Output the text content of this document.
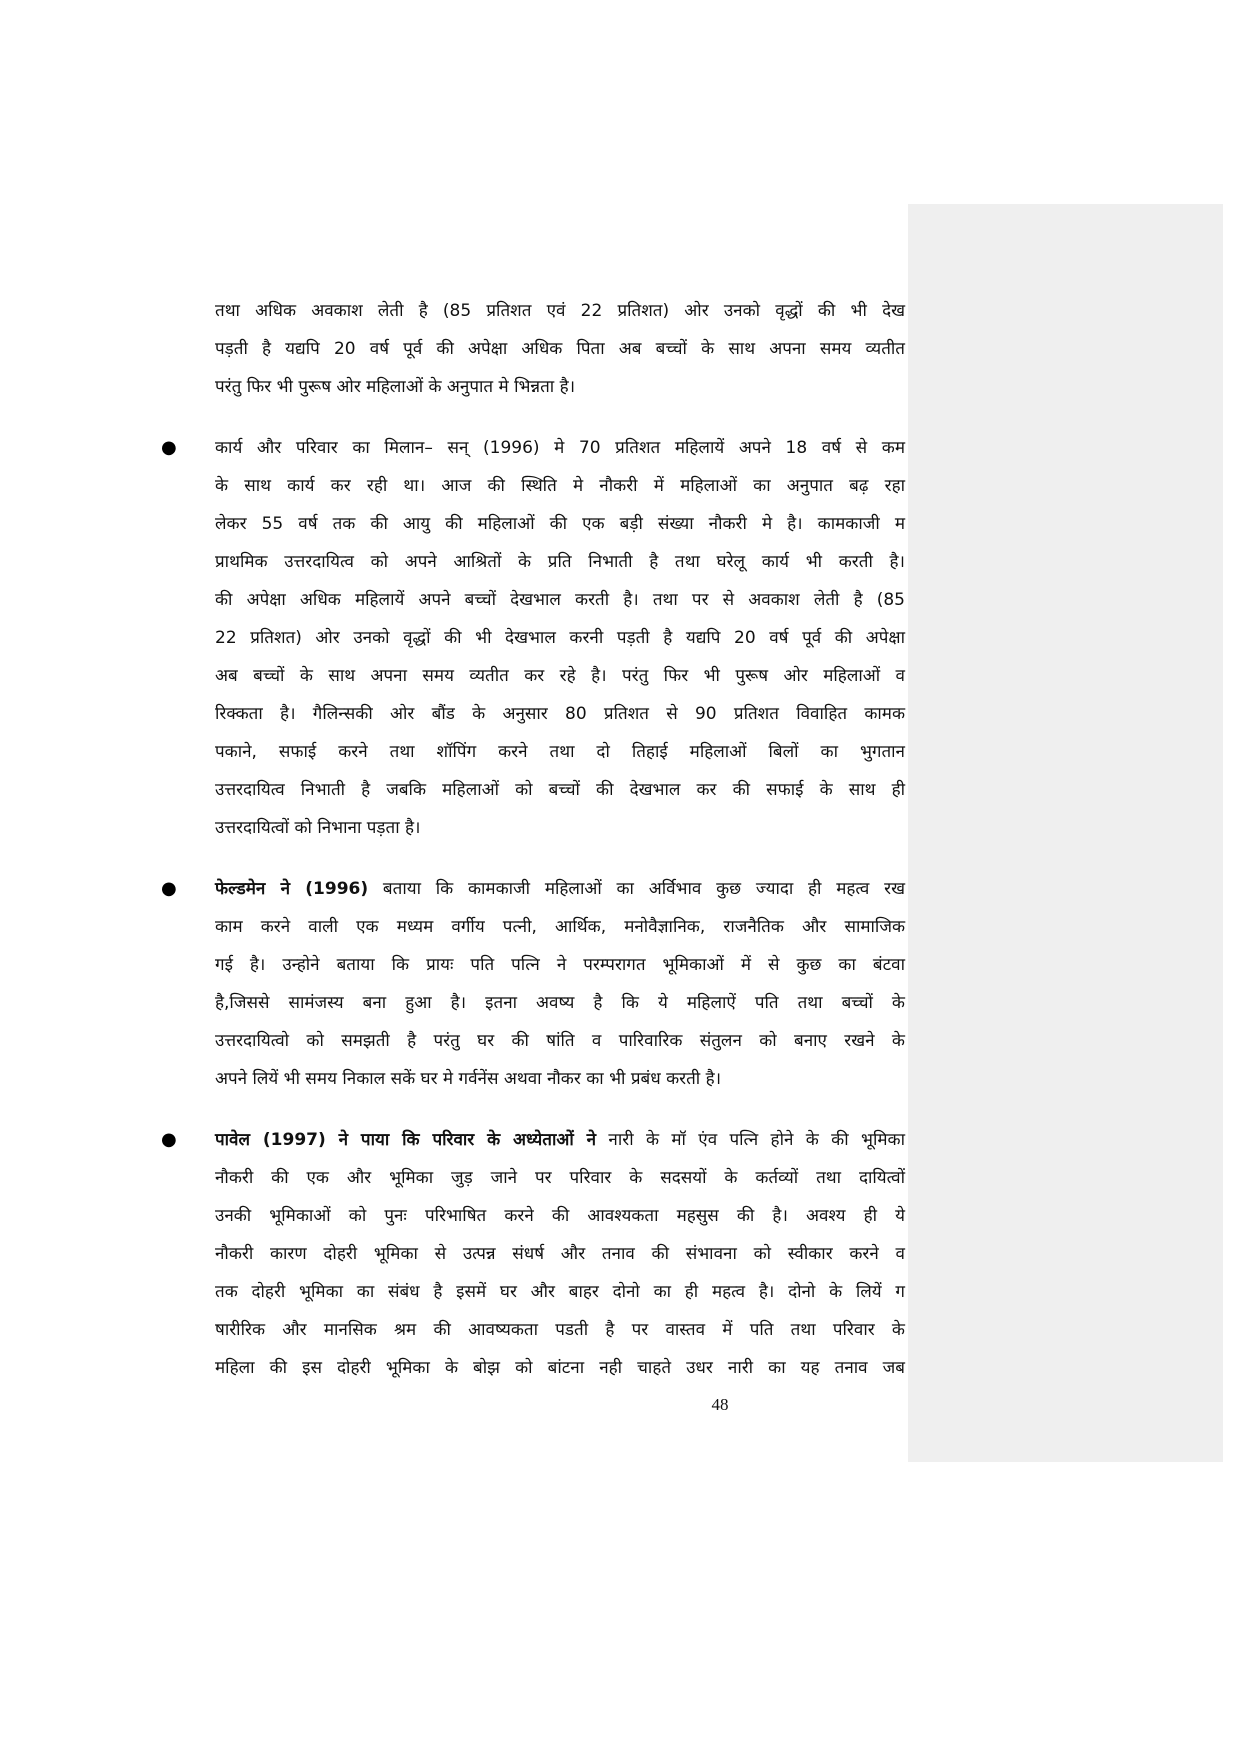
तथा अधिक अवकाश लेती है (85 प्रतिशत एवं 22 प्रतिशत) ओर उनको वृद्धों की भी देख
पड़ती है यद्यपि 20 वर्ष पूर्व की अपेक्षा अधिक पिता अब बच्चों के साथ अपना समय व्यतीत
परंतु फिर भी पुरूष ओर महिलाओं के अनुपात मे भिन्नता है।
● कार्य और परिवार का मिलान– सन् (1996) मे 70 प्रतिशत महिलायें अपने 18 वर्ष से कम
के साथ कार्य कर रही था। आज की स्थिति मे नौकरी में महिलाओं का अनुपात बढ़ रहा
लेकर 55 वर्ष तक की आयु की महिलाओं की एक बड़ी संख्या नौकरी मे है। कामकाजी म
प्राथमिक उत्तरदायित्व को अपने आश्रितों के प्रति निभाती है तथा घरेलू कार्य भी करती है।
की अपेक्षा अधिक महिलायें अपने बच्चों देखभाल करती है। तथा पर से अवकाश लेती है (85
22 प्रतिशत) ओर उनको वृद्धों की भी देखभाल करनी पड़ती है यद्यपि 20 वर्ष पूर्व की अपेक्षा
अब बच्चों के साथ अपना समय व्यतीत कर रहे है। परंतु फिर भी पुरूष ओर महिलाओं व
रिक्कता है। गैलिन्सकी ओर बौंड के अनुसार 80 प्रतिशत से 90 प्रतिशत विवाहित कामक
पकाने, सफाई करने तथा शॉपिंग करने तथा दो तिहाई महिलाओं बिलों का भुगतान
उत्तरदायित्व निभाती है जबकि महिलाओं को बच्चों की देखभाल कर की सफाई के साथ ही
उत्तरदायित्वों को निभाना पड़ता है।
● फेल्डमेन ने (1996) बताया कि कामकाजी महिलाओं का अर्विभाव कुछ ज्यादा ही महत्व रख
काम करने वाली एक मध्यम वर्गीय पत्नी, आर्थिक, मनोवैज्ञानिक, राजनैतिक और सामाजिक
गई है। उन्होने बताया कि प्रायः पति पत्नि ने परम्परागत भूमिकाओं में से कुछ का बंटवा
है,जिससे सामंजस्य बना हुआ है। इतना अवष्य है कि ये महिलाऐं पति तथा बच्चों के
उत्तरदायित्वो को समझती है परंतु घर की षांति व पारिवारिक संतुलन को बनाए रखने के
अपने लियें भी समय निकाल सकें घर मे गर्वनेंस अथवा नौकर का भी प्रबंध करती है।
● पावेल (1997) ने पाया कि परिवार के अध्येताओं ने नारी के मॉ एंव पत्नि होने के की भूमिका
नौकरी की एक और भूमिका जुड़ जाने पर परिवार के सदसयों के कर्तव्यों तथा दायित्वों
उनकी भूमिकाओं को पुनः परिभाषित करने की आवश्यकता महसुस की है। अवश्य ही ये
नौकरी कारण दोहरी भूमिका से उत्पन्न संधर्ष और तनाव की संभावना को स्वीकार करने व
तक दोहरी भूमिका का संबंध है इसमें घर और बाहर दोनो का ही महत्व है। दोनो के लियें ग
षारीरिक और मानसिक श्रम की आवष्यकता पडती है पर वास्तव में पति तथा परिवार के
महिला की इस दोहरी भूमिका के बोझ को बांटना नही चाहते उधर नारी का यह तनाव जब
48
